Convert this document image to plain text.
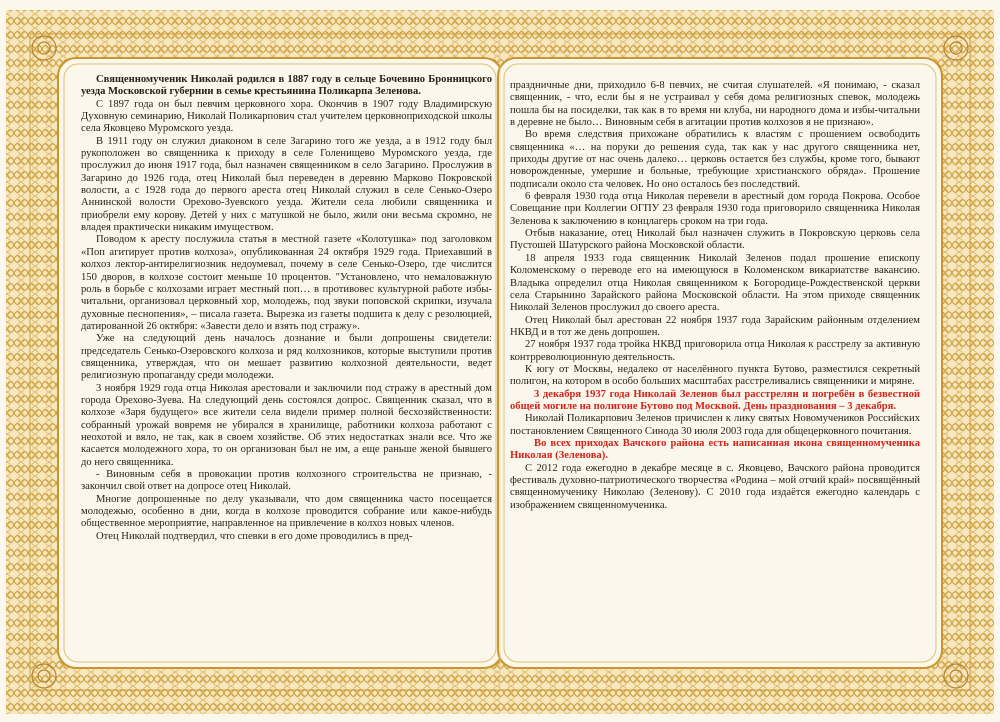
Священномученик Николай родился в 1887 году в сельце Бочевино Бронницкого уезда Московской губернии в семье крестьянина Поликарпа Зеленова.

С 1897 года он был певчим церковного хора. Окончив в 1907 году Владимирскую Духовную семинарию, Николай Поликарпович стал учителем церковноприходской школы села Яковцево Муромского уезда.

В 1911 году он служил диаконом в селе Загарино того же уезда, а в 1912 году был рукоположен во священника к приходу в селе Голенищево Муромского уезда, где прослужил до июня 1917 года, был назначен священником в село Загарино. Прослужив в Загарино до 1926 года, отец Николай был переведен в деревню Марково Покровской волости, а с 1928 года до первого ареста отец Николай служил в селе Сенько-Озеро Аннинской волости Орехово-Зуевского уезда. Жители села любили священника и приобрели ему корову. Детей у них с матушкой не было, жили они весьма скромно, не владея практически никаким имуществом.

Поводом к аресту послужила статья в местной газете «Колотушка» под заголовком «Поп агитирует против колхоза», опубликованная 24 октября 1929 года. Приехавший в колхоз лектор-антирелигиозник недоумевал, почему в селе Сенько-Озеро, где числится 150 дворов, в колхозе состоит меньше 10 процентов. "Установлено, что немаловажную роль в борьбе с колхозами играет местный поп… в противовес культурной работе избы-читальни, организовал церковный хор, молодежь, под звуки поповской скрипки, изучала духовные песнопения», – писала газета. Вырезка из газеты подшита к делу с резолюцией, датированной 26 октября: «Завести дело и взять под стражу».

Уже на следующий день началось дознание и были допрошены свидетели: председатель Сенько-Озеровского колхоза и ряд колхозников, которые выступили против священника, утверждая, что он мешает развитию колхозной деятельности, ведет религиозную пропаганду среди молодежи.

3 ноября 1929 года отца Николая арестовали и заключили под стражу в арестный дом города Орехово-Зуева. На следующий день состоялся допрос. Священник сказал, что в колхозе «Заря будущего» все жители села видели пример полной бесхозяйственности: собранный урожай вовремя не убирался в хранилище, работники колхоза работают с неохотой и вяло, не так, как в своем хозяйстве. Об этих недостатках знали все. Что же касается молодежного хора, то он организован был не им, а еще раньше женой бывшего до него священника.

- Виновным себя в провокации против колхозного строительства не признаю, - закончил свой ответ на допросе отец Николай.

Многие допрошенные по делу указывали, что дом священника часто посещается молодежью, особенно в дни, когда в колхозе проводится собрание или какое-нибудь общественное мероприятие, направленное на привлечение в колхоз новых членов.

Отец Николай подтвердил, что спевки в его доме проводились в пред-

праздничные дни, приходило 6-8 певчих, не считая слушателей. «Я понимаю, - сказал священник, - что, если бы я не устраивал у себя дома религиозных спевок, молодежь пошла бы на посиделки, так как в то время ни клуба, ни народного дома и избы-читальни в деревне не было… Виновным себя в агитации против колхозов я не признаю».

Во время следствия прихожане обратились к властям с прошением освободить священника «… на поруки до решения суда, так как у нас другого священника нет, приходы другие от нас очень далеко… церковь остается без службы, кроме того, бывают новорожденные, умершие и больные, требующие христианского обряда». Прошение подписали около ста человек. Но оно осталось без последствий.

6 февраля 1930 года отца Николая перевели в арестный дом города Покрова. Особое Совещание при Коллегии ОГПУ 23 февраля 1930 года приговорило священника Николая Зеленова к заключению в концлагерь сроком на три года.

Отбыв наказание, отец Николай был назначен служить в Покровскую церковь села Пустошей Шатурского района Московской области.

18 апреля 1933 года священник Николай Зеленов подал прошение епископу Коломенскому о переводе его на имеющуюся в Коломенском викариатстве вакансию. Владыка определил отца Николая священником к Богородице-Рождественской церкви села Старынино Зарайского района Московской области. На этом приходе священник Николай Зеленов прослужил до своего ареста.

Отец Николай был арестован 22 ноября 1937 года Зарайским районным отделением НКВД и в тот же день допрошен.

27 ноября 1937 года тройка НКВД приговорила отца Николая к расстрелу за активную контрреволюционную деятельность.

К югу от Москвы, недалеко от населённого пункта Бутово, разместился секретный полигон, на котором в особо больших масштабах расстреливались священники и миряне.

3 декабря 1937 года Николай Зеленов был расстрелян и погребён в безвестной общей могиле на полигоне Бутово под Москвой. День празднования – 3 декабря.

Николай Поликарпович Зеленов причислен к лику святых Новомучеников Российских постановлением Священного Синода 30 июля 2003 года для общецерковного почитания.

Во всех приходах Вачского района есть написанная икона священномученика Николая (Зеленова).

С 2012 года ежегодно в декабре месяце в с. Яковцево, Вачского района проводится фестиваль духовно-патриотического творчества «Родина – мой отчий край» посвящённый священномученику Николаю (Зеленову). С 2010 года издаётся ежегодно календарь с изображением священномученика.
